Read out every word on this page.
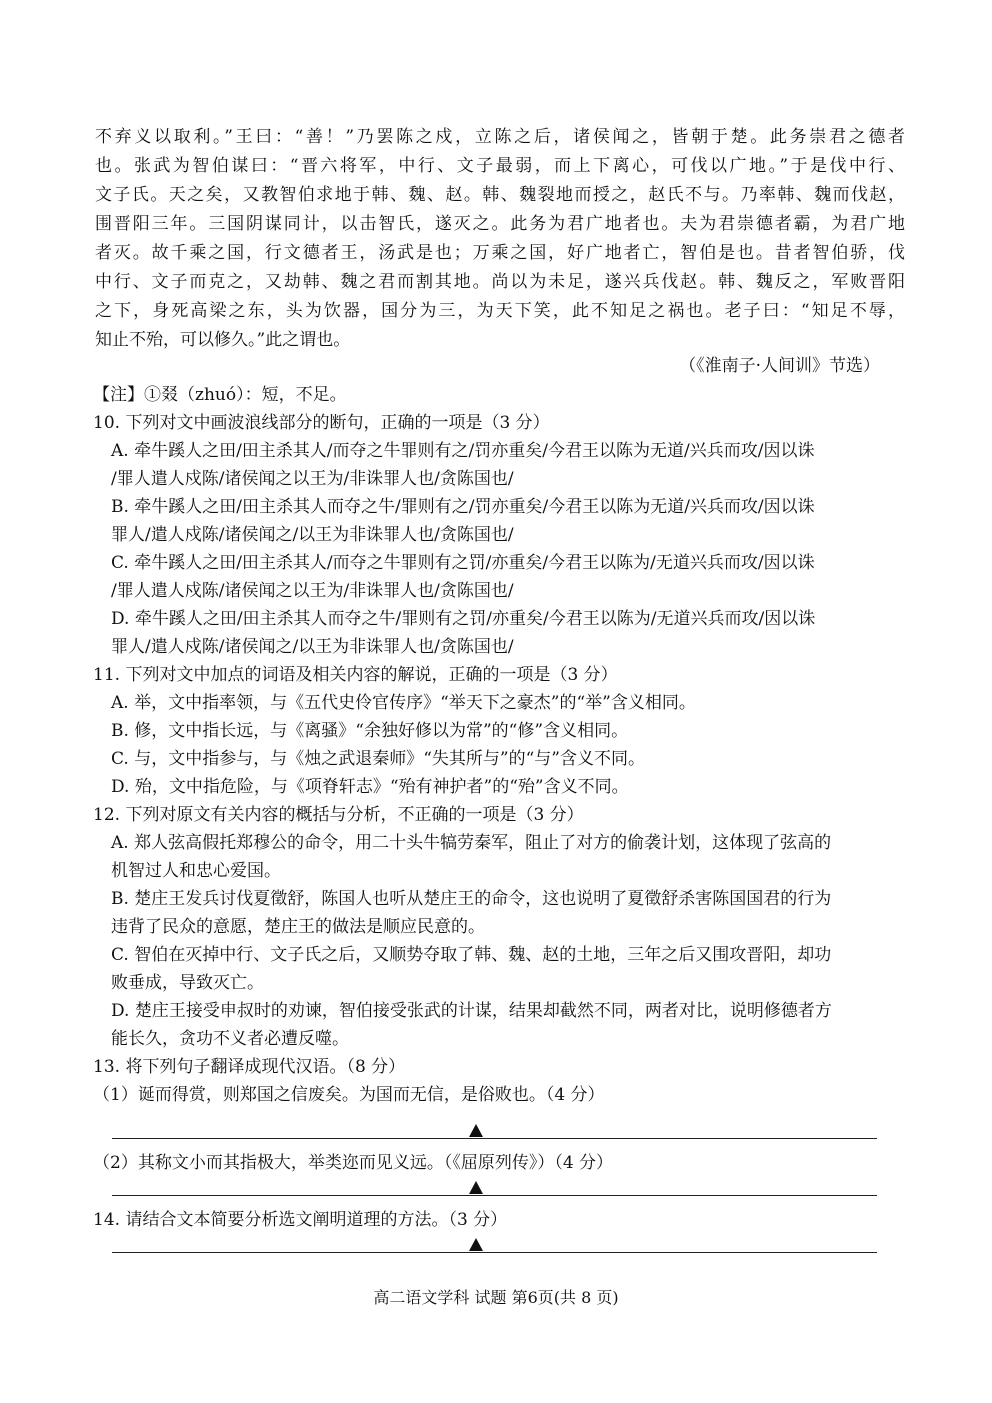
不弃义以取利。”王曰：“善！”乃罢陈之戍，立陈之后，诸侯闻之，皆朝于楚。此务崇君之德者
也。张武为智伯谋曰：“晋六将军，中行、文子最弱，而上下离心，可伐以广地。”于是伐中行、
文子氏。天之矣，又教智伯求地于韩、魏、赵。韩、魏裂地而授之，赵氏不与。乃率韩、魏而伐赵，
围晋阳三年。三国阴谋同计，以击智氏，遂灭之。此务为君广地者也。夫为君崇德者霸，为君广地
者灭。故千乘之国，行文德者王，汤武是也；万乘之国，好广地者亡，智伯是也。昔者智伯骄，伐
中行、文子而克之，又劫韩、魏之君而割其地。尚以为未足，遂兴兵伐赵。韩、魏反之，军败晋阳
之下，身死高梁之东，头为饮器，国分为三，为天下笑，此不知足之祸也。老子曰：“知足不辱，
知止不殆，可以修久。”此之谓也。
（《淮南子·人间训》节选）
【注】①叕（zhuó）：短，不足。
10. 下列对文中画波浪线部分的断句，正确的一项是（3 分）
A. 牵牛蹊人之田/田主杀其人/而夺之牛罪则有之/罚亦重矣/今君王以陈为无道/兴兵而攻/因以诛
/罪人遣人戍陈/诸侯闻之以王为/非诛罪人也/贪陈国也/
B. 牵牛蹊人之田/田主杀其人而夺之牛/罪则有之/罚亦重矣/今君王以陈为无道/兴兵而攻/因以诛
罪人/遣人戍陈/诸侯闻之/以王为非诛罪人也/贪陈国也/
C. 牵牛蹊人之田/田主杀其人/而夺之牛罪则有之罚/亦重矣/今君王以陈为/无道兴兵而攻/因以诛
/罪人遣人戍陈/诸侯闻之以王为/非诛罪人也/贪陈国也/
D. 牵牛蹊人之田/田主杀其人而夺之牛/罪则有之罚/亦重矣/今君王以陈为/无道兴兵而攻/因以诛
罪人/遣人戍陈/诸侯闻之/以王为非诛罪人也/贪陈国也/
11. 下列对文中加点的词语及相关内容的解说，正确的一项是（3 分）
A. 举，文中指率领，与《五代史伶官传序》“举天下之豪杰”的“举”含义相同。
B. 修，文中指长远，与《离骚》“余独好修以为常”的“修”含义相同。
C. 与，文中指参与，与《烛之武退秦师》“失其所与”的“与”含义不同。
D. 殆，文中指危险，与《项脊轩志》“殆有神护者”的“殆”含义不同。
12. 下列对原文有关内容的概括与分析，不正确的一项是（3 分）
A. 郑人弦高假托郑穆公的命令，用二十头牛犒劳秦军，阻止了对方的偷袭计划，这体现了弦高的
机智过人和忠心爱国。
B. 楚庄王发兵讨伐夏徵舒，陈国人也听从楚庄王的命令，这也说明了夏徵舒杀害陈国国君的行为
违背了民众的意愿，楚庄王的做法是顺应民意的。
C. 智伯在灭掉中行、文子氏之后，又顺势夺取了韩、魏、赵的土地，三年之后又围攻晋阳，却功
败垂成，导致灭亡。
D. 楚庄王接受申叔时的劝谏，智伯接受张武的计谋，结果却截然不同，两者对比，说明修德者方
能长久，贪功不义者必遭反噬。
13. 将下列句子翻译成现代汉语。（8 分）
（1）诞而得赏，则郑国之信废矣。为国而无信，是俗败也。（4 分）
（2）其称文小而其指极大，举类迩而见义远。（《屈原列传》）（4 分）
14. 请结合文本简要分析选文阐明道理的方法。（3 分）
高二语文学科 试题 第6页(共 8 页)
